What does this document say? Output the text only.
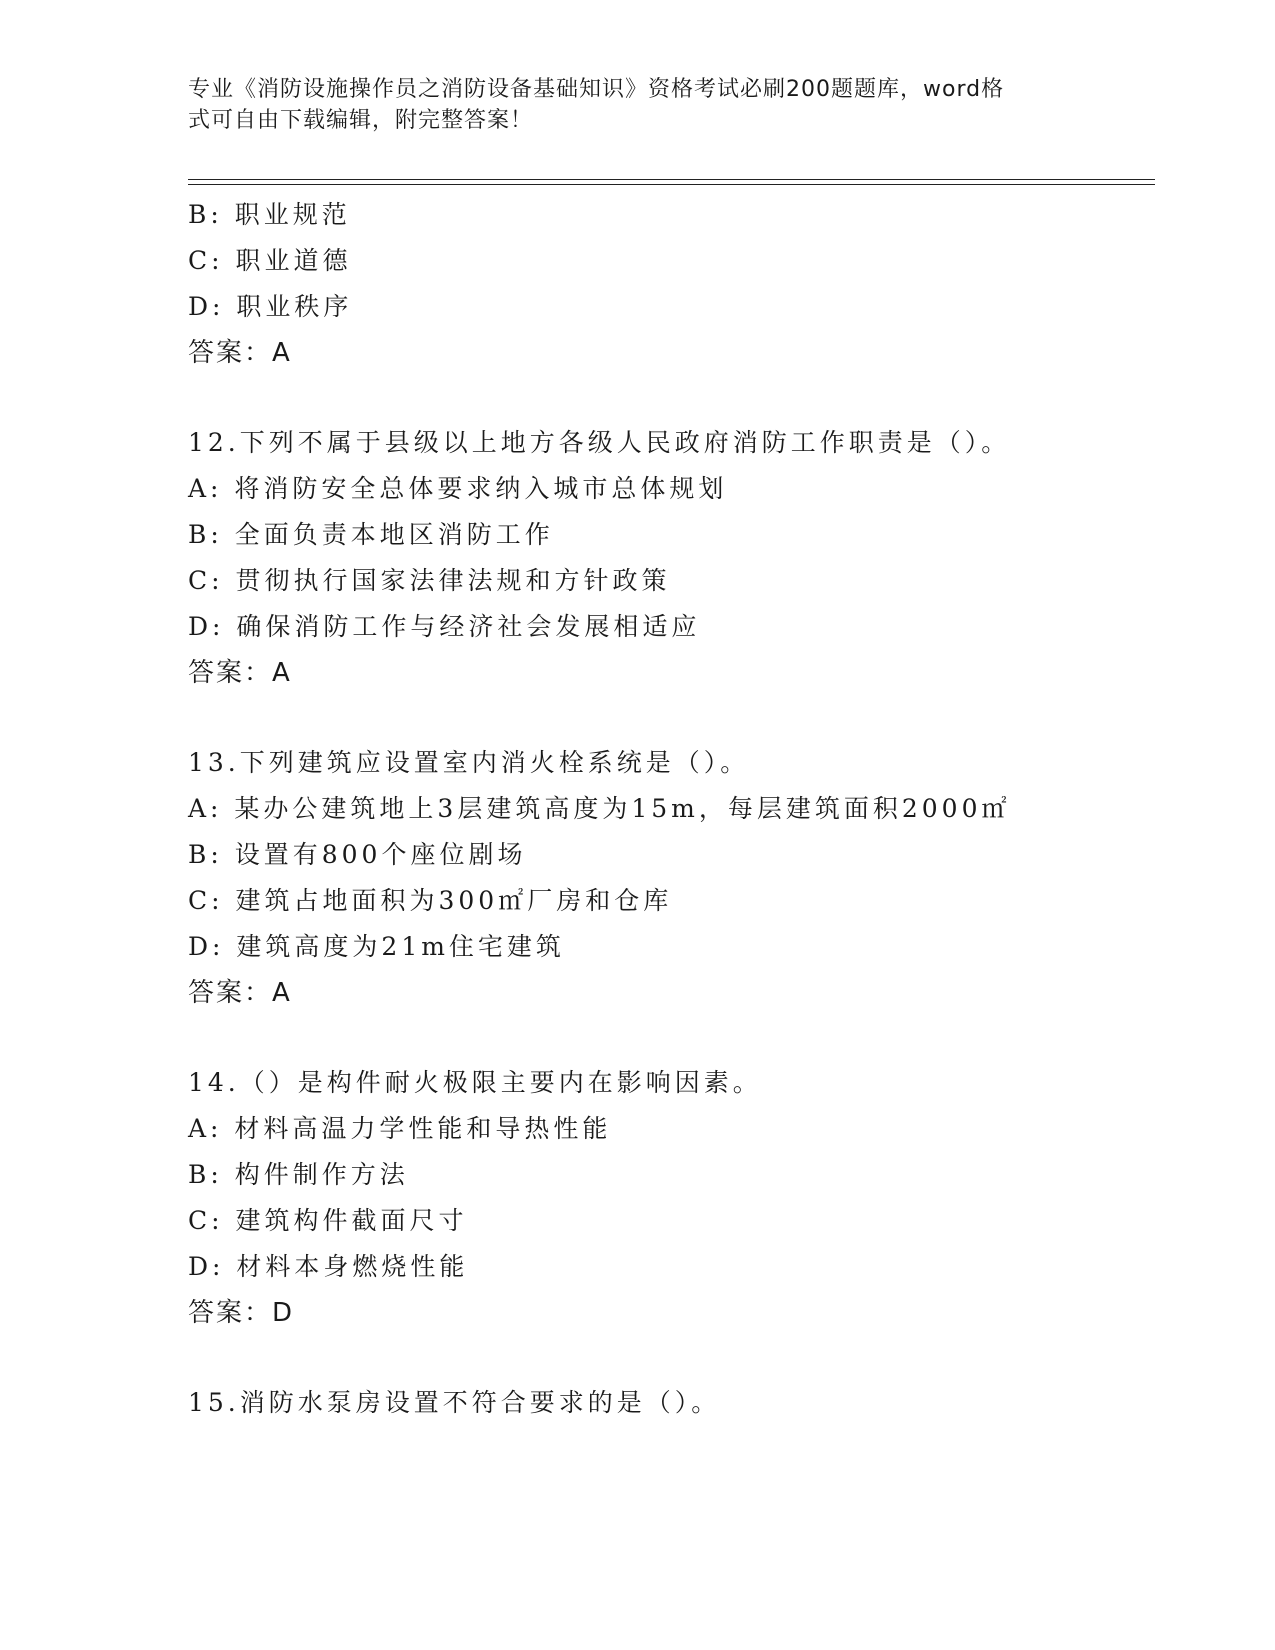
专业《消防设施操作员之消防设备基础知识》资格考试必刷200题题库，word格
式可自由下载编辑，附完整答案！
B: 职业规范
C: 职业道德
D: 职业秩序
答案：A
12.下列不属于县级以上地方各级人民政府消防工作职责是（）。
A: 将消防安全总体要求纳入城市总体规划
B: 全面负责本地区消防工作
C: 贯彻执行国家法律法规和方针政策
D: 确保消防工作与经济社会发展相适应
答案：A
13.下列建筑应设置室内消火栓系统是（）。
A: 某办公建筑地上3层建筑高度为15m，每层建筑面积2000㎡
B: 设置有800个座位剧场
C: 建筑占地面积为300㎡厂房和仓库
D: 建筑高度为21m住宅建筑
答案：A
14.（）是构件耐火极限主要内在影响因素。
A: 材料高温力学性能和导热性能
B: 构件制作方法
C: 建筑构件截面尺寸
D: 材料本身燃烧性能
答案：D
15.消防水泵房设置不符合要求的是（）。
